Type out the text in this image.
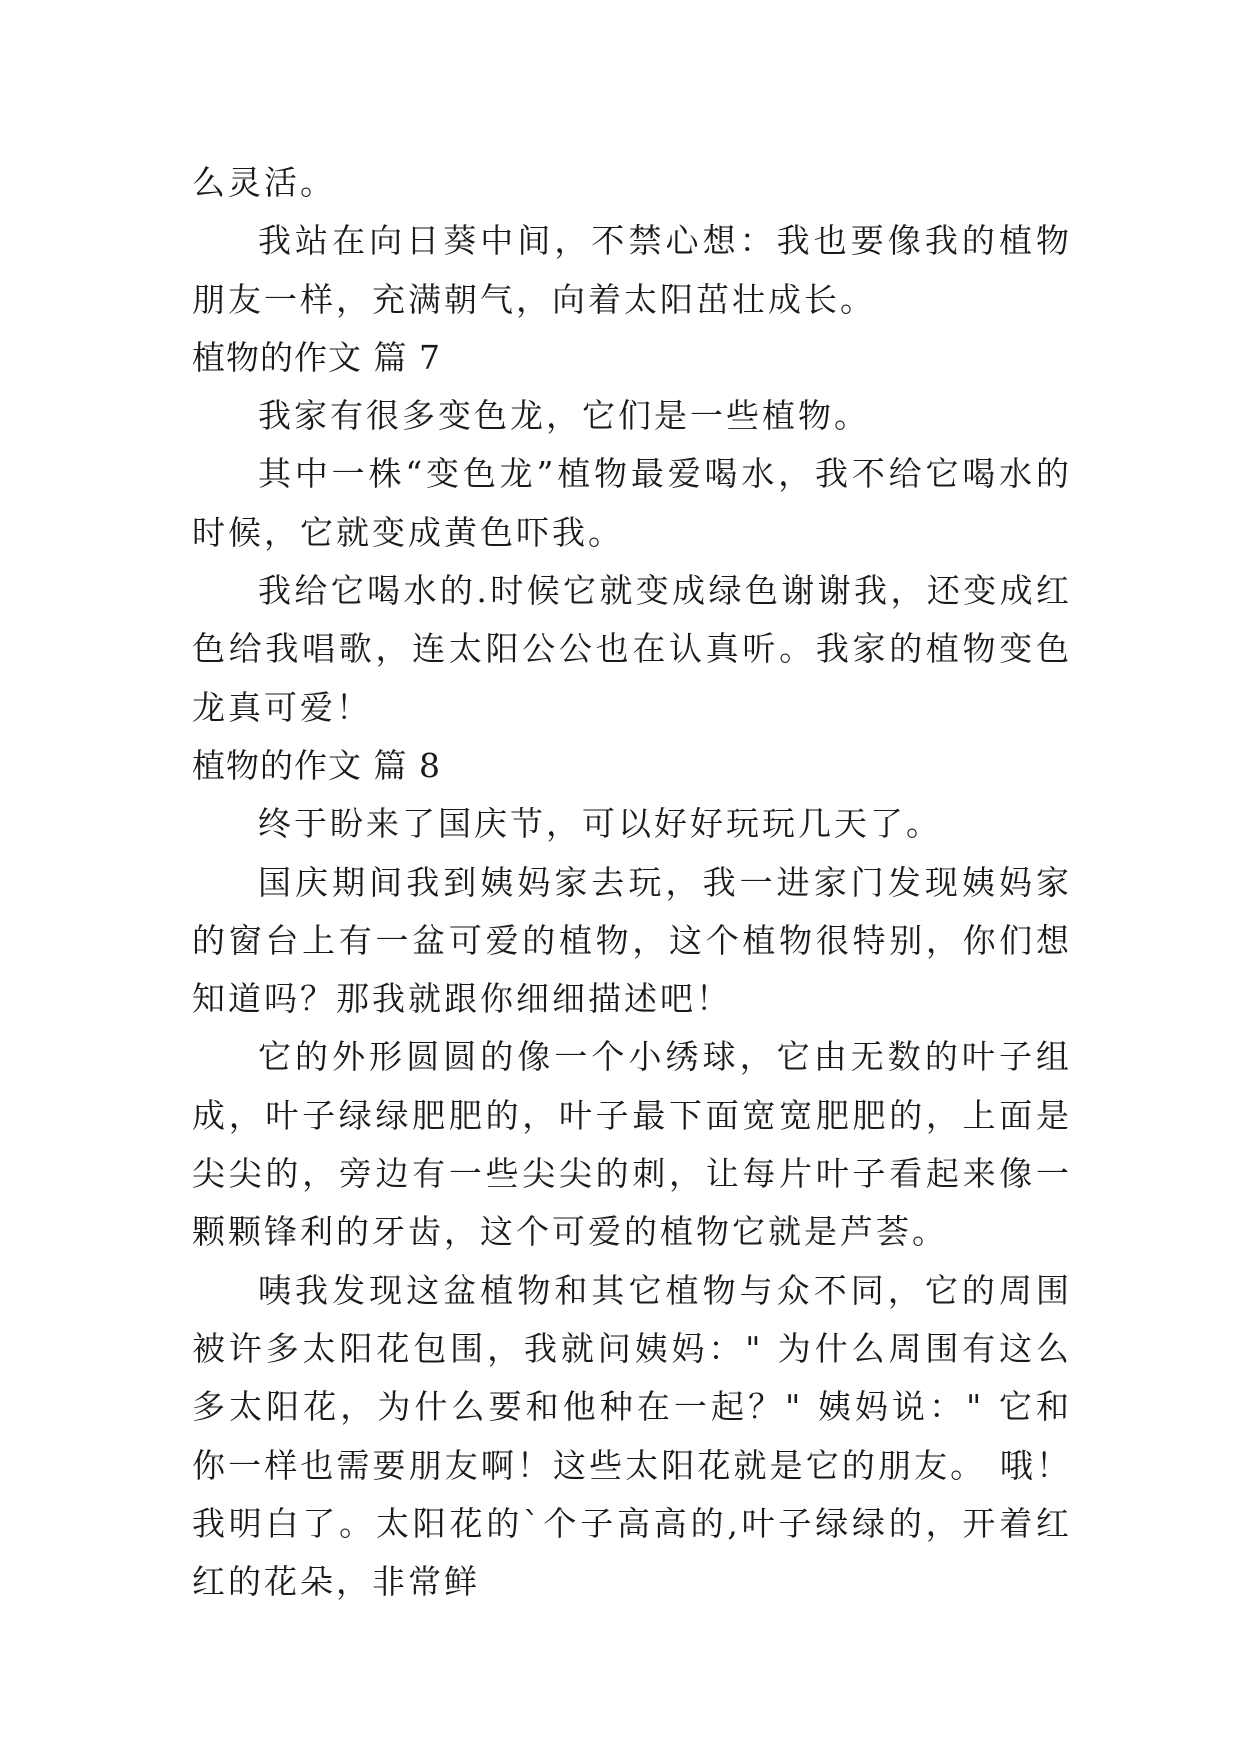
么灵活。

我站在向日葵中间，不禁心想：我也要像我的植物朋友一样，充满朝气，向着太阳茁壮成长。

植物的作文 篇 7

我家有很多变色龙，它们是一些植物。

其中一株“变色龙”植物最爱喝水，我不给它喝水的时候，它就变成黄色吓我。

我给它喝水的.时候它就变成绿色谢谢我，还变成红色给我唱歌，连太阳公公也在认真听。我家的植物变色龙真可爱！

植物的作文 篇 8

终于盼来了国庆节，可以好好玩玩几天了。

国庆期间我到姨妈家去玩，我一进家门发现姨妈家的窗台上有一盆可爱的植物，这个植物很特别，你们想知道吗？那我就跟你细细描述吧！

它的外形圆圆的像一个小绣球，它由无数的叶子组成，叶子绿绿肥肥的，叶子最下面宽宽肥肥的，上面是尖尖的，旁边有一些尖尖的刺，让每片叶子看起来像一颗颗锋利的牙齿，这个可爱的植物它就是芦荟。

咦我发现这盆植物和其它植物与众不同，它的周围被许多太阳花包围，我就问姨妈：" 为什么周围有这么多太阳花，为什么要和他种在一起？" 姨妈说：" 它和你一样也需要朋友啊！这些太阳花就是它的朋友。 哦！我明白了。太阳花的`个子高高的,叶子绿绿的，开着红红的花朵，非常鲜
